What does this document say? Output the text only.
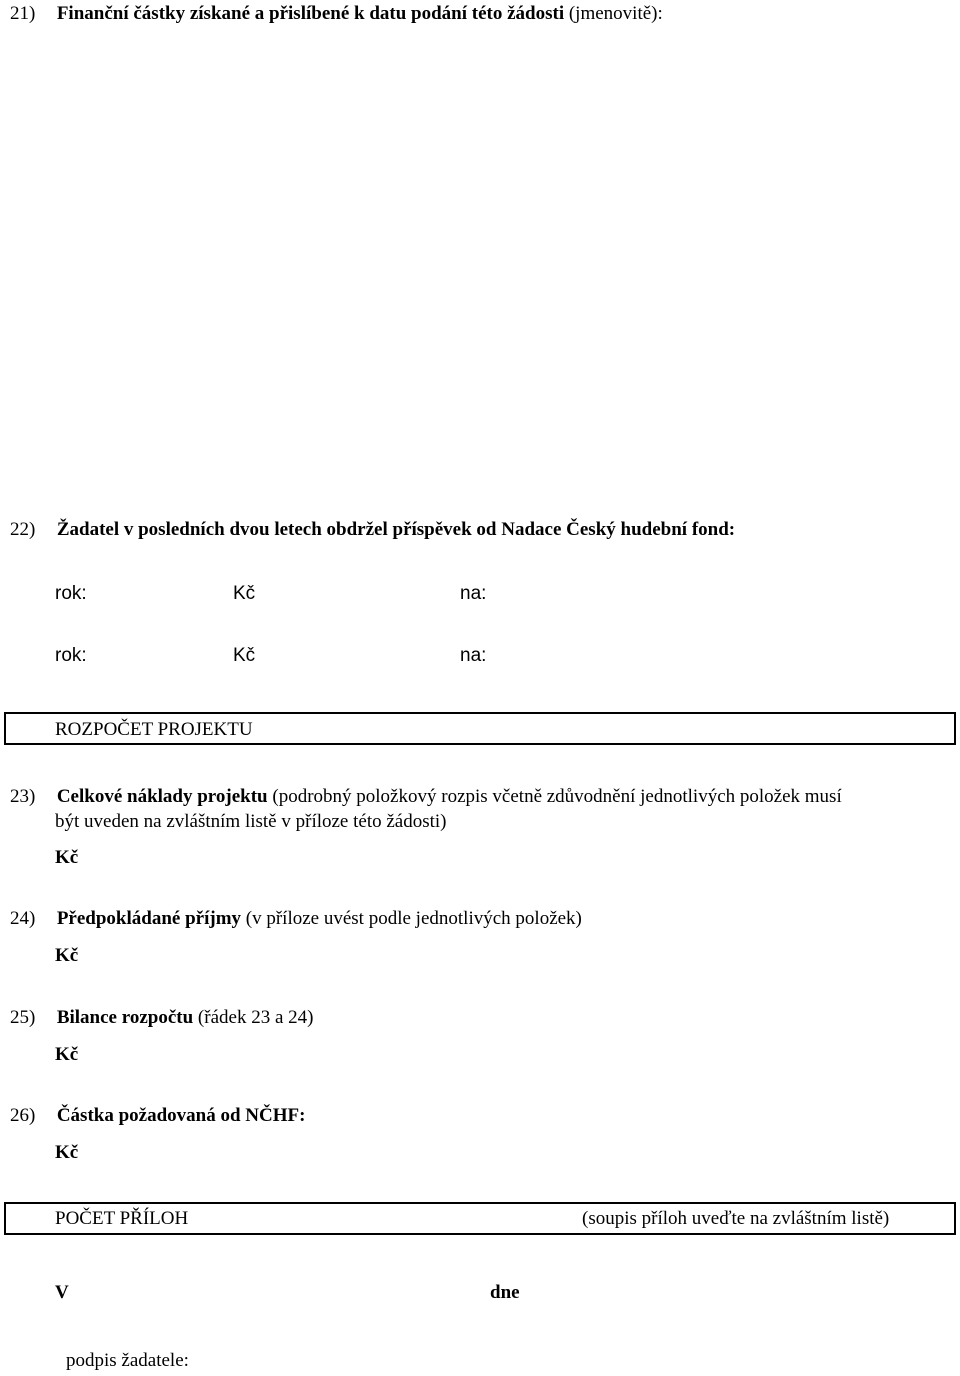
21) Finanční částky získané a přislíbené k datu podání této žádosti (jmenovitě):
22) Žadatel v posledních dvou letech obdržel příspěvek od Nadace Český hudební fond:
rok:	Kč	na:
rok:	Kč	na:
ROZPOČET PROJEKTU
23) Celkové náklady projektu (podrobný položkový rozpis včetně zdůvodnění jednotlivých položek musí
být uveden na zvláštním listě v příloze této žádosti)
Kč
24) Předpokládané příjmy (v příloze uvést podle jednotlivých položek)
Kč
25) Bilance rozpočtu (řádek 23 a 24)
Kč
26) Částka požadovaná od NČHF:
Kč
POČET PŘÍLOH	(soupis příloh uveďte na zvláštním listě)
V	dne
podpis žadatele:
